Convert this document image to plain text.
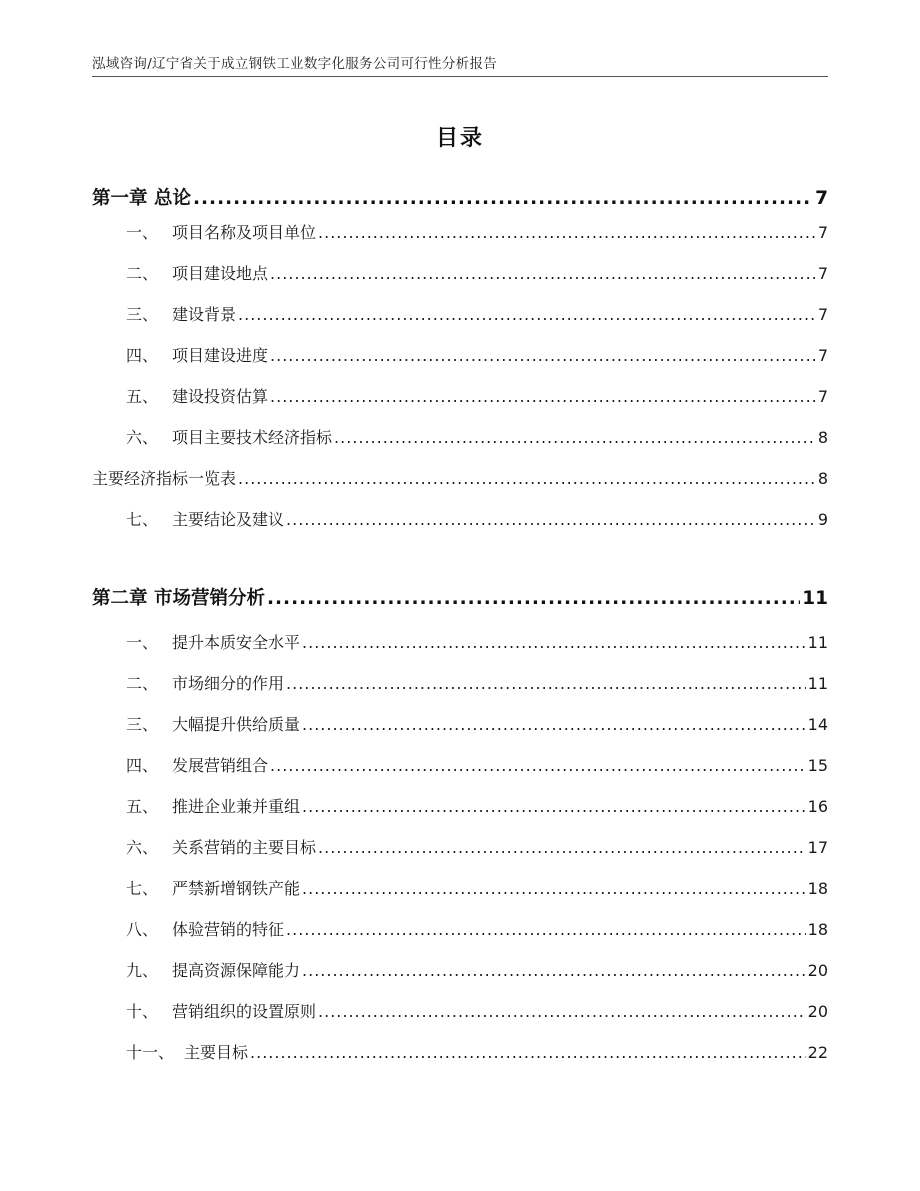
泓域咨询/辽宁省关于成立钢铁工业数字化服务公司可行性分析报告
目录
第一章 总论 .....	7
一、 项目名称及项目单位 .....	7
二、 项目建设地点 .....	7
三、 建设背景 .....	7
四、 项目建设进度 .....	7
五、 建设投资估算 .....	7
六、 项目主要技术经济指标 .....	8
主要经济指标一览表 .....	8
七、 主要结论及建议 .....	9
第二章 市场营销分析 .....	11
一、 提升本质安全水平 .....	11
二、 市场细分的作用 .....	11
三、 大幅提升供给质量 .....	14
四、 发展营销组合 .....	15
五、 推进企业兼并重组 .....	16
六、 关系营销的主要目标 .....	17
七、 严禁新增钢铁产能 .....	18
八、 体验营销的特征 .....	18
九、 提高资源保障能力 .....	20
十、 营销组织的设置原则 .....	20
十一、 主要目标 .....	22
